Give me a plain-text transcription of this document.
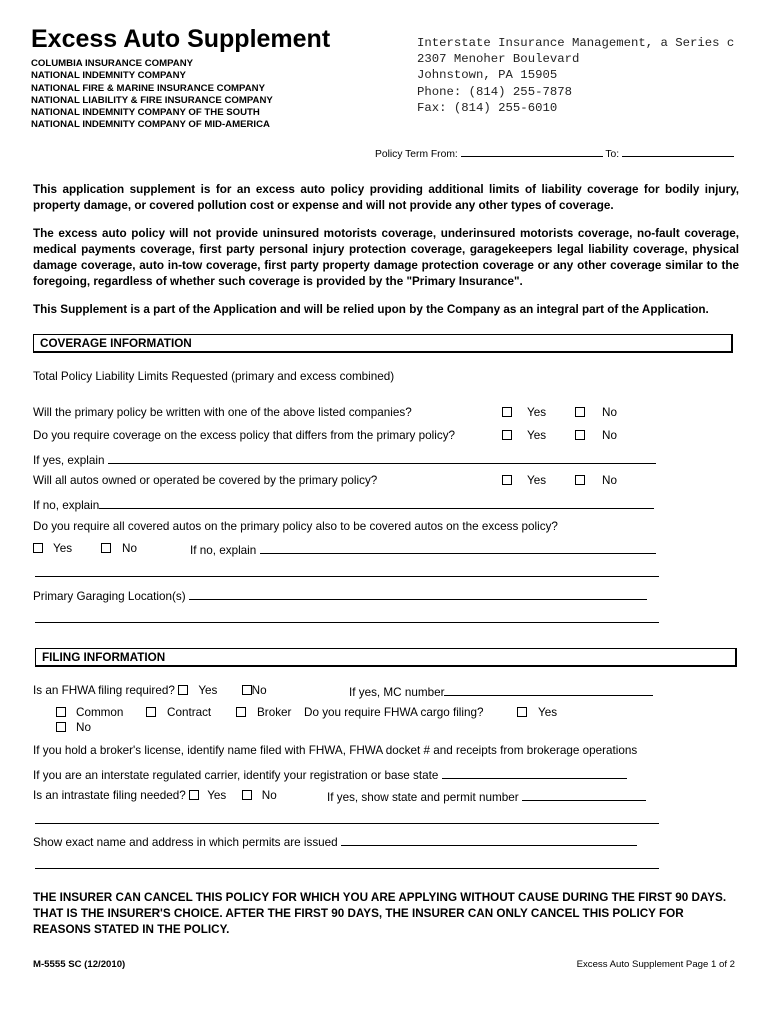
Excess Auto Supplement
COLUMBIA INSURANCE COMPANY
NATIONAL INDEMNITY COMPANY
NATIONAL FIRE & MARINE INSURANCE COMPANY
NATIONAL LIABILITY & FIRE INSURANCE COMPANY
NATIONAL INDEMNITY COMPANY OF THE SOUTH
NATIONAL INDEMNITY COMPANY OF MID-AMERICA
Interstate Insurance Management, a Series c
2307 Menoher Boulevard
Johnstown, PA 15905
Phone: (814) 255-7878
Fax: (814) 255-6010
Policy Term From:	To:
This application supplement is for an excess auto policy providing additional limits of liability coverage for bodily injury, property damage, or covered pollution cost or expense and will not provide any other types of coverage.
The excess auto policy will not provide uninsured motorists coverage, underinsured motorists coverage, no-fault coverage, medical payments coverage, first party personal injury protection coverage, garagekeepers legal liability coverage, physical damage coverage, auto in-tow coverage, first party property damage protection coverage or any other coverage similar to the foregoing, regardless of whether such coverage is provided by the "Primary Insurance".
This Supplement is a part of the Application and will be relied upon by the Company as an integral part of the Application.
COVERAGE INFORMATION
Total Policy Liability Limits Requested (primary and excess combined)
Will the primary policy be written with one of the above listed companies?	Yes	No
Do you require coverage on the excess policy that differs from the primary policy?	Yes	No
If yes, explain
Will all autos owned or operated be covered by the primary policy?	Yes	No
If no, explain
Do you require all covered autos on the primary policy also to be covered autos on the excess policy?
Yes	No	If no, explain
Primary Garaging Location(s)
FILING INFORMATION
Is an FHWA filing required? Yes	No	If yes, MC number
Common	Contract	Broker Do you require FHWA cargo filing?	Yes
No
If you hold a broker's license, identify name filed with FHWA, FHWA docket # and receipts from brokerage operations
If you are an interstate regulated carrier, identify your registration or base state
Is an intrastate filing needed? Yes	No	If yes, show state and permit number
Show exact name and address in which permits are issued
THE INSURER CAN CANCEL THIS POLICY FOR WHICH YOU ARE APPLYING WITHOUT CAUSE DURING THE FIRST 90 DAYS. THAT IS THE INSURER'S CHOICE. AFTER THE FIRST 90 DAYS, THE INSURER CAN ONLY CANCEL THIS POLICY FOR REASONS STATED IN THE POLICY.
M-5555 SC (12/2010)	Excess Auto Supplement Page 1 of 2
